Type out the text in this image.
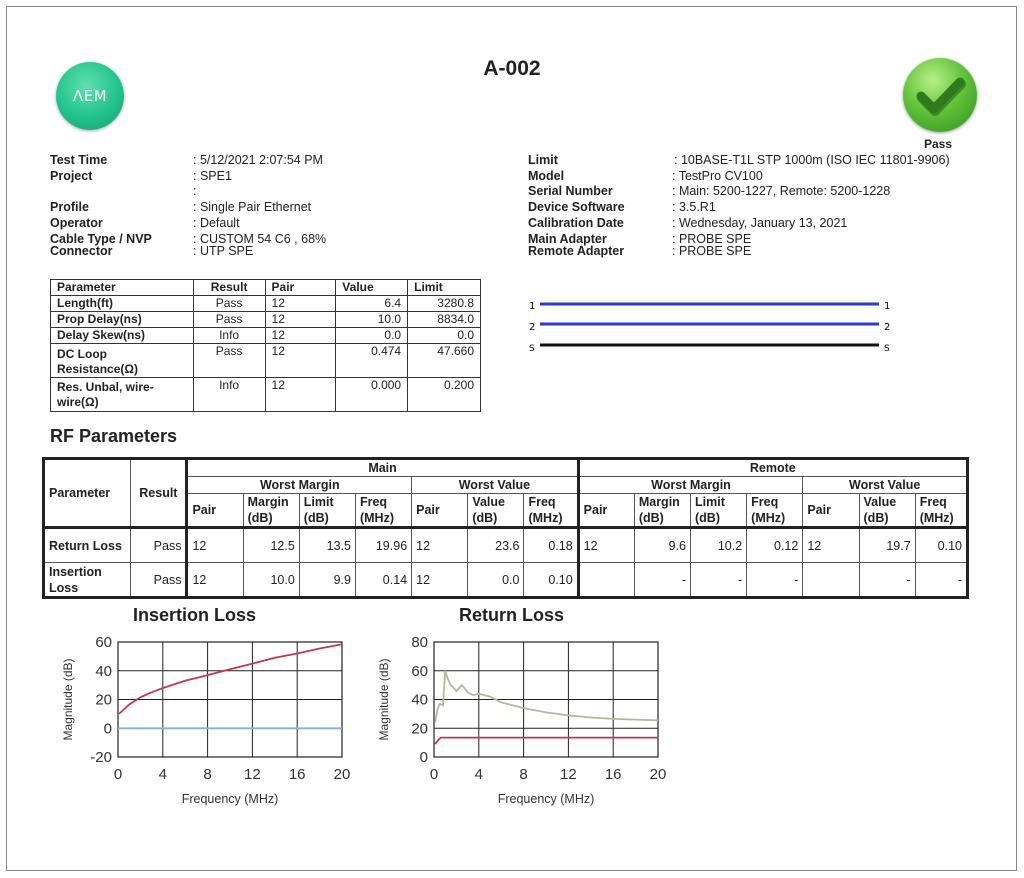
ΛEM
A-002
Pass
Test Time	: 5/12/2021 2:07:54 PM
Project	: SPE1
:
Profile	: Single Pair Ethernet
Operator	: Default
Cable Type / NVP	: CUSTOM 54 C6 , 68%
Connector	: UTP SPE
Limit	: 10BASE-T1L STP 1000m (ISO IEC 11801-9906)
Model	: TestPro CV100
Serial Number	: Main: 5200-1227, Remote: 5200-1228
Device Software	: 3.5.R1
Calibration Date	: Wednesday, January 13, 2021
Main Adapter	: PROBE SPE
Remote Adapter	: PROBE SPE
Parameter	Result	Pair	Value	Limit
Length(ft)	Pass	12	6.4	3280.8
Prop Delay(ns)	Pass	12	10.0	8834.0
Delay Skew(ns)	Info	12	0.0	0.0
DC Loop Resistance(Ω)	Pass	12	0.474	47.660
Res. Unbal, wire-wire(Ω)	Info	12	0.000	0.200
1
2
S
1
2
S
RF Parameters
Parameter	Result	Main							Remote						
		Worst Margin				Worst Value			Worst Margin				Worst Value		
		Pair	Margin (dB)	Limit (dB)	Freq (MHz)	Pair	Value (dB)	Freq (MHz)	Pair	Margin (dB)	Limit (dB)	Freq (MHz)	Pair	Value (dB)	Freq (MHz)
Return Loss	Pass	12	12.5	13.5	19.96	12	23.6	0.18	12	9.6	10.2	0.12	12	19.7	0.10
Insertion Loss	Pass	12	10.0	9.9	0.14	12	0.0	0.10		-	-	-		-	-
Insertion Loss
0 4 8 12 16 20
-20
0
20
40
60
Frequency (MHz)
Magnitude (dB)
Return Loss
0 4 8 12 16 20
0
20
40
60
80
Frequency (MHz)
Magnitude (dB)
